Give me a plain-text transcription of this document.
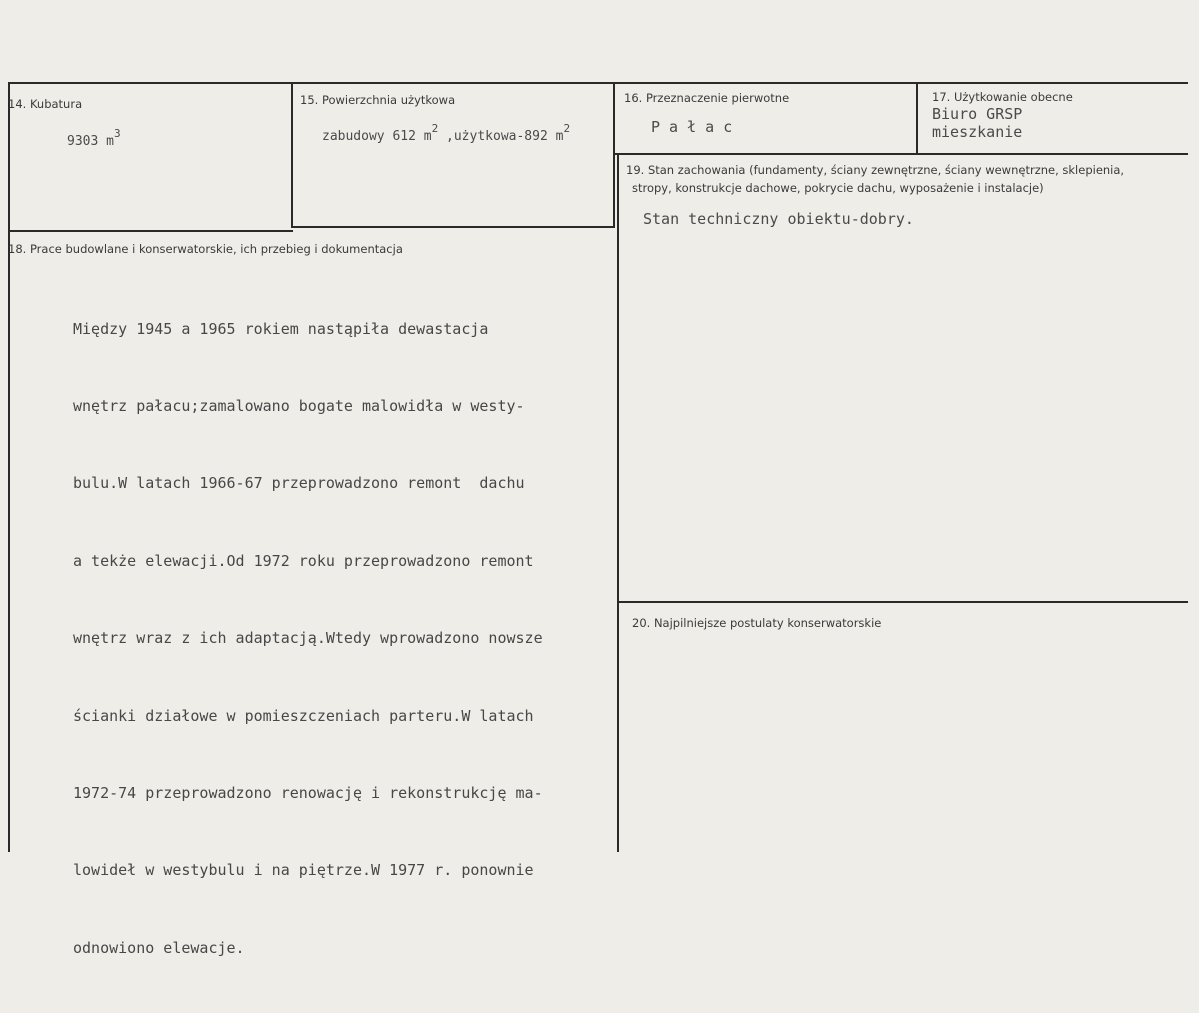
14. Kubatura
9303 $m^3$
15. Powierzchnia użytkowa
zabudowy 612 $m^2$ ,użytkowa-892 $m^2$
16. Przeznaczenie pierwotne
P a ł a c
17. Użytkowanie obecne
Biuro GRSP
mieszkanie
18. Prace budowlane i konserwatorskie, ich przebieg i dokumentacja

Między 1945 a 1965 rokiem nastąpiła dewastacja

wnętrz pałacu;zamalowano bogate malowidła w westy-

bulu.W latach 1966-67 przeprowadzono remont  dachu

a tekże elewacji.Od 1972 roku przeprowadzono remont

wnętrz wraz z ich adaptacją.Wtedy wprowadzono nowsze

ścianki działowe w pomieszczeniach parteru.W latach

1972-74 przeprowadzono renowację i rekonstrukcję ma-

lowideł w westybulu i na piętrze.W 1977 r. ponownie

odnowiono elewacje.

19. Stan zachowania (fundamenty, ściany zewnętrzne, ściany wewnętrzne, sklepienia,
stropy, konstrukcje dachowe, pokrycie dachu, wyposażenie i instalacje)
Stan techniczny obiektu-dobry.
20. Najpilniejsze postulaty konserwatorskie
